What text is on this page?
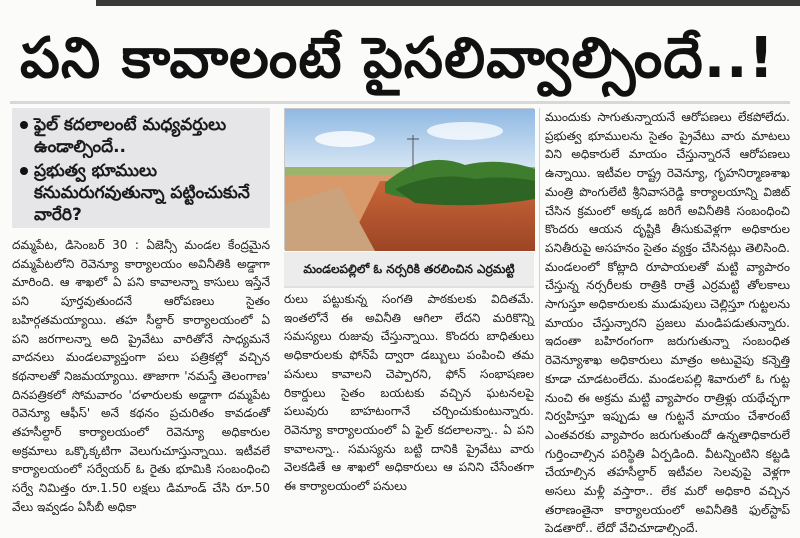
పని కావాలంటే పైసలివ్వాల్సిందే..!
ఫైల్ కదలాలంటే మధ్యవర్తులు ఉండాల్సిందే..
ప్రభుత్వ భూములు కనుమరుగవుతున్నా పట్టించుకునే వారేరి?
దమ్మపేట, డిసెంబర్ 30 : ఏజెన్సీ మండల కేంద్రమైన దమ్మపేటలోని రెవెన్యూ కార్యాలయం అవినీతికి అడ్డాగా మారింది. ఆ శాఖలో ఏ పని కావాలన్నా కాసులు ఇస్తేనే పని పూర్తవుతుందనే ఆరోపణలు సైతం బహిర్గతమయ్యాయి. తహ సీల్దార్ కార్యాలయంలో ఏ పని జరగాలన్నా అది ప్రైవేటు వారితోనే సాధ్యమనే వాదనలు మండలవ్యాప్తంగా పలు పత్రికల్లో వచ్చిన కథనాలతో నిజమయ్యాయి. తాజాగా 'నమస్తే తెలంగాణ' దినపత్రికలో సోమవారం 'దళారులకు అడ్డాగా దమ్మపేట రెవెన్యూ ఆఫీస్' అనే కథనం ప్రచురితం కావడంతో తహసీల్దార్ కార్యాలయంలో రెవెన్యూ అధికారుల అక్రమాలు ఒక్కొక్కటిగా వెలుగుచూస్తున్నాయి. ఇటీవలే కార్యాలయంలో సర్వేయర్ ఓ రైతు భూమికి సంబంధించి సర్వే నిమిత్తం రూ.1.50 లక్షలు డిమాండ్ చేసి రూ.50 వేలు ఇవ్వడం ఏసీబీ అధికా
మండలపల్లిలో ఓ నర్సరికి తరలించిన ఎర్రమట్టి
రులు పట్టుకున్న సంగతి పాఠకులకు విదితమే. ఇంతలోనే ఈ అవినీతి ఆగిలా లేదని మరికొన్ని సమస్యలు రుజువు చేస్తున్నాయి. కొందరు బాధితులు అధికారులకు ఫోన్‌పే ద్వారా డబ్బులు పంపించి తమ పనులు కావాలని చెప్పారని, ఫోన్ సంభాషణల రికార్డులు సైతం బయటకు వచ్చిన ఘటనలపై పలువురు బాహటంగానే చర్చించుకుంటున్నారు. రెవెన్యూ కార్యాలయంలో ఏ ఫైల్ కదలాలన్నా.. ఏ పని కావాలన్నా.. సమస్యను బట్టి దానికి ప్రైవేటు వారు వెలకడితే ఆ శాఖలో అధికారులు ఆ పనిని చేసేంతగా ఈ కార్యాలయంలో పనులు
ముందుకు సాగుతున్నాయనే ఆరోపణలు లేకపోలేదు. ప్రభుత్వ భూములను సైతం ప్రైవేటు వారు మాటలు విని అధికారులే మాయం చేస్తున్నారనే ఆరోపణలు ఉన్నాయి. ఇటీవల రాష్ట్ర రెవెన్యూ, గృహనిర్మాణశాఖ మంత్రి పొంగులేటి శ్రీనివాసరెడ్డి కార్యాలయాన్ని విజిట్ చేసిన క్రమంలో అక్కడ జరిగే అవినీతికి సంబంధించి కొందరు ఆయన దృష్టికి తీసుకువెళ్లగా అధికారుల పనితీరుపై అసహనం సైతం వ్యక్తం చేసినట్లు తెలిసింది. మండలంలో కోట్లాది రూపాయలతో మట్టి వ్యాపారం చేస్తున్న నర్సరీలకు రాత్రికి రాత్రే ఎర్రమట్టి తోలకాలు సాగుస్తూ అధికారులకు ముడుపులు చెల్లిస్తూ గుట్టలను మాయం చేస్తున్నారని ప్రజలు మండిపడుతున్నారు. ఇదంతా బహిరంగంగా జరుగుతున్నా సంబంధిత రెవెన్యూశాఖ అధికారులు మాత్రం అటువైపు కన్నెత్తి కూడా చూడటంలేదు. మండలపల్లి శివారులో ఓ గుట్ట నుంచి ఈ అక్రమ మట్టి వ్యాపారం రాత్రిళ్లు యథేచ్ఛగా నిర్వహిస్తూ ఇప్పుడు ఆ గుట్టనే మాయం చేశారంటే ఎంతవరకు వ్యాపారం జరుగుతుందో ఉన్నతాధికారులే గుర్తించాల్సిన పరిస్థితి ఏర్పడింది. వీటన్నింటిని కట్టడి చేయాల్సిన తహసీల్దార్ ఇటీవల సెలవుపై వెళ్లగా అసలు మళ్లీ వస్తారా.. లేక మరో అధికారి వచ్చిన తరాణంతైనా కార్యాలయంలో అవినీతికి ఫుల్‌స్టాప్ పెడతారో.. లేదో వేచిచూడాల్సిందే.
